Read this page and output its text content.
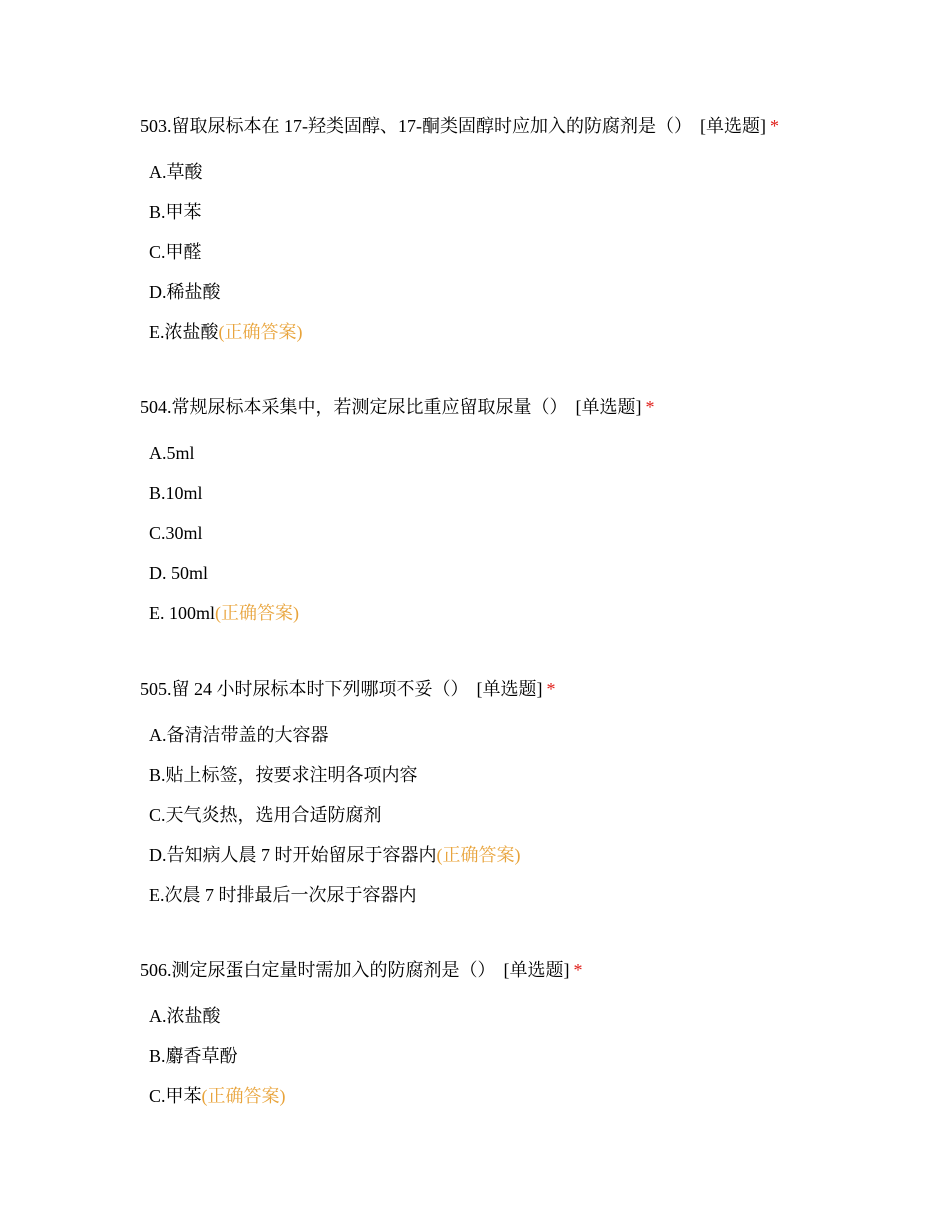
503.留取尿标本在 17-羟类固醇、17-酮类固醇时应加入的防腐剂是（） [单选题] *

A.草酸
B.甲苯
C.甲醛
D.稀盐酸
E.浓盐酸(正确答案)

504.常规尿标本采集中，若测定尿比重应留取尿量（） [单选题] *

A.5ml
B.10ml
C.30ml
D. 50ml
E. 100ml(正确答案)

505.留 24 小时尿标本时下列哪项不妥（） [单选题] *

A.备清洁带盖的大容器
B.贴上标签，按要求注明各项内容
C.天气炎热，选用合适防腐剂
D.告知病人晨 7 时开始留尿于容器内(正确答案)
E.次晨 7 时排最后一次尿于容器内

506.测定尿蛋白定量时需加入的防腐剂是（） [单选题] *

A.浓盐酸
B.麝香草酚
C.甲苯(正确答案)
